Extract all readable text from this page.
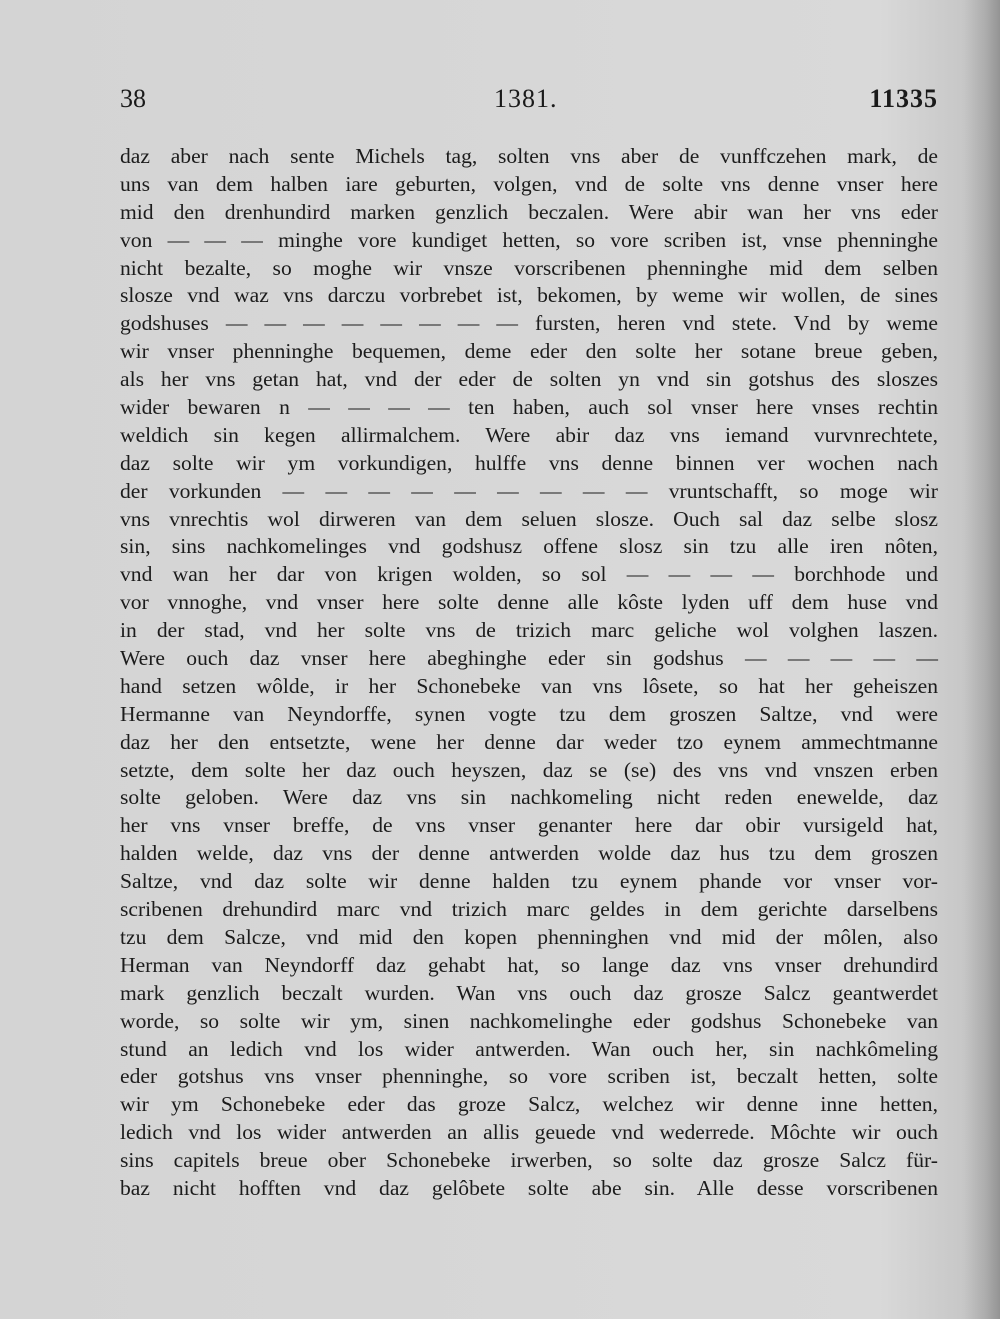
38	1381.	11335
daz aber nach sente Michels tag, solten vns aber de vunffczehen mark, de
uns van dem halben iare geburten, volgen, vnd de solte vns denne vnser here
mid den drenhundird marken genzlich beczalen. Were abir wan her vns eder
von — — — minghe vore kundiget hetten, so vore scriben ist, vnse phenninghe
nicht bezalte, so moghe wir vnsze vorscribenen phenninghe mid dem selben
slosze vnd waz vns darczu vorbrebet ist, bekomen, by weme wir wollen, de sines
godshuses — — — — — — — — fursten, heren vnd stete. Vnd by weme
wir vnser phenninghe bequemen, deme eder den solte her sotane breue geben,
als her vns getan hat, vnd der eder de solten yn vnd sin gotshus des sloszes
wider bewaren n — — — — ten haben, auch sol vnser here vnses rechtin
weldich sin kegen allirmalchem. Were abir daz vns iemand vurvnrechtete,
daz solte wir ym vorkundigen, hulffe vns denne binnen ver wochen nach
der vorkunden — — — — — — — — — vruntschafft, so moge wir
vns vnrechtis wol dirweren van dem seluen slosze. Ouch sal daz selbe slosz
sin, sins nachkomelinges vnd godshusz offene slosz sin tzu alle iren nôten,
vnd wan her dar von krigen wolden, so sol — — — — borchhode und
vor vnnoghe, vnd vnser here solte denne alle kôste lyden uff dem huse vnd
in der stad, vnd her solte vns de trizich marc geliche wol volghen laszen.
Were ouch daz vnser here abeghinghe eder sin godshus — — — — —
hand setzen wôlde, ir her Schonebeke van vns lôsete, so hat her geheiszen
Hermanne van Neyndorffe, synen vogte tzu dem groszen Saltze, vnd were
daz her den entsetzte, wene her denne dar weder tzo eynem ammechtmanne
setzte, dem solte her daz ouch heyszen, daz se (se) des vns vnd vnszen erben
solte geloben. Were daz vns sin nachkomeling nicht reden enewelde, daz
her vns vnser breffe, de vns vnser genanter here dar obir vursigeld hat,
halden welde, daz vns der denne antwerden wolde daz hus tzu dem groszen
Saltze, vnd daz solte wir denne halden tzu eynem phande vor vnser vor-
scribenen drehundird marc vnd trizich marc geldes in dem gerichte darselbens
tzu dem Salcze, vnd mid den kopen phenninghen vnd mid der môlen, also
Herman van Neyndorff daz gehabt hat, so lange daz vns vnser drehundird
mark genzlich beczalt wurden. Wan vns ouch daz grosze Salcz geantwerdet
worde, so solte wir ym, sinen nachkomelinghe eder godshus Schonebeke van
stund an ledich vnd los wider antwerden. Wan ouch her, sin nachkômeling
eder gotshus vns vnser phenninghe, so vore scriben ist, beczalt hetten, solte
wir ym Schonebeke eder das groze Salcz, welchez wir denne inne hetten,
ledich vnd los wider antwerden an allis geuede vnd wederrede. Môchte wir ouch
sins capitels breue ober Schonebeke irwerben, so solte daz grosze Salcz für-
baz nicht hofften vnd daz gelôbete solte abe sin. Alle desse vorscribenen
